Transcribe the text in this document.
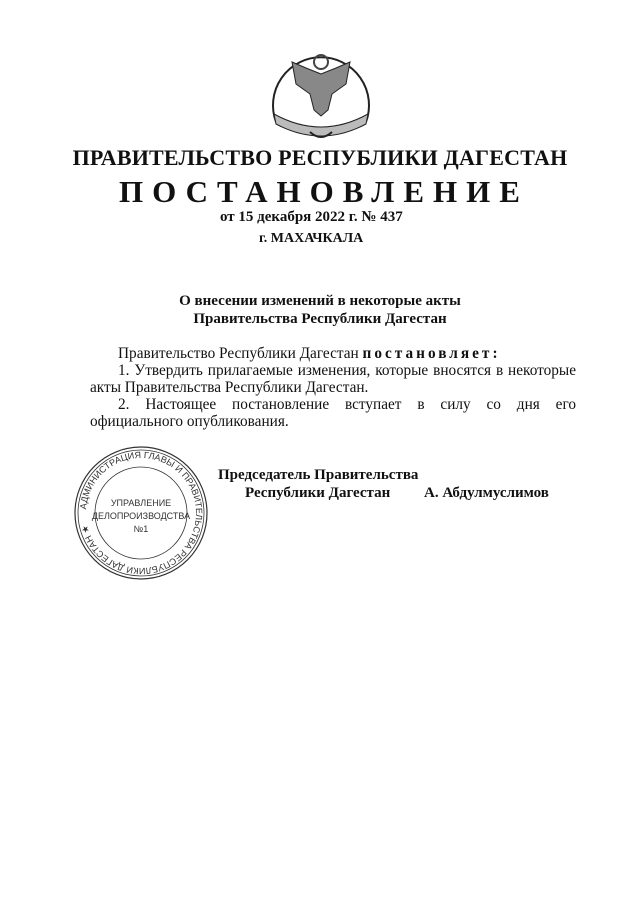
ПРАВИТЕЛЬСТВО РЕСПУБЛИКИ ДАГЕСТАН
ПОСТАНОВЛЕНИЕ
от 15 декабря 2022 г. № 437
г. МАХАЧКАЛА
О внесении изменений в некоторые акты
Правительства Республики Дагестан

Правительство Республики Дагестан постановляет:

1. Утвердить прилагаемые изменения, которые вносятся в некоторые акты Правительства Республики Дагестан.

2. Настоящее постановление вступает в силу со дня его официального опубликования.

АДМИНИСТРАЦИЯ ГЛАВЫ И ПРАВИТЕЛЬСТВА РЕСПУБЛИКИ ДАГЕСТАН ★
УПРАВЛЕНИЕ
ДЕЛОПРОИЗВОДСТВА
№1
Председатель Правительства
Республики Дагестан А. Абдулмуслимов
